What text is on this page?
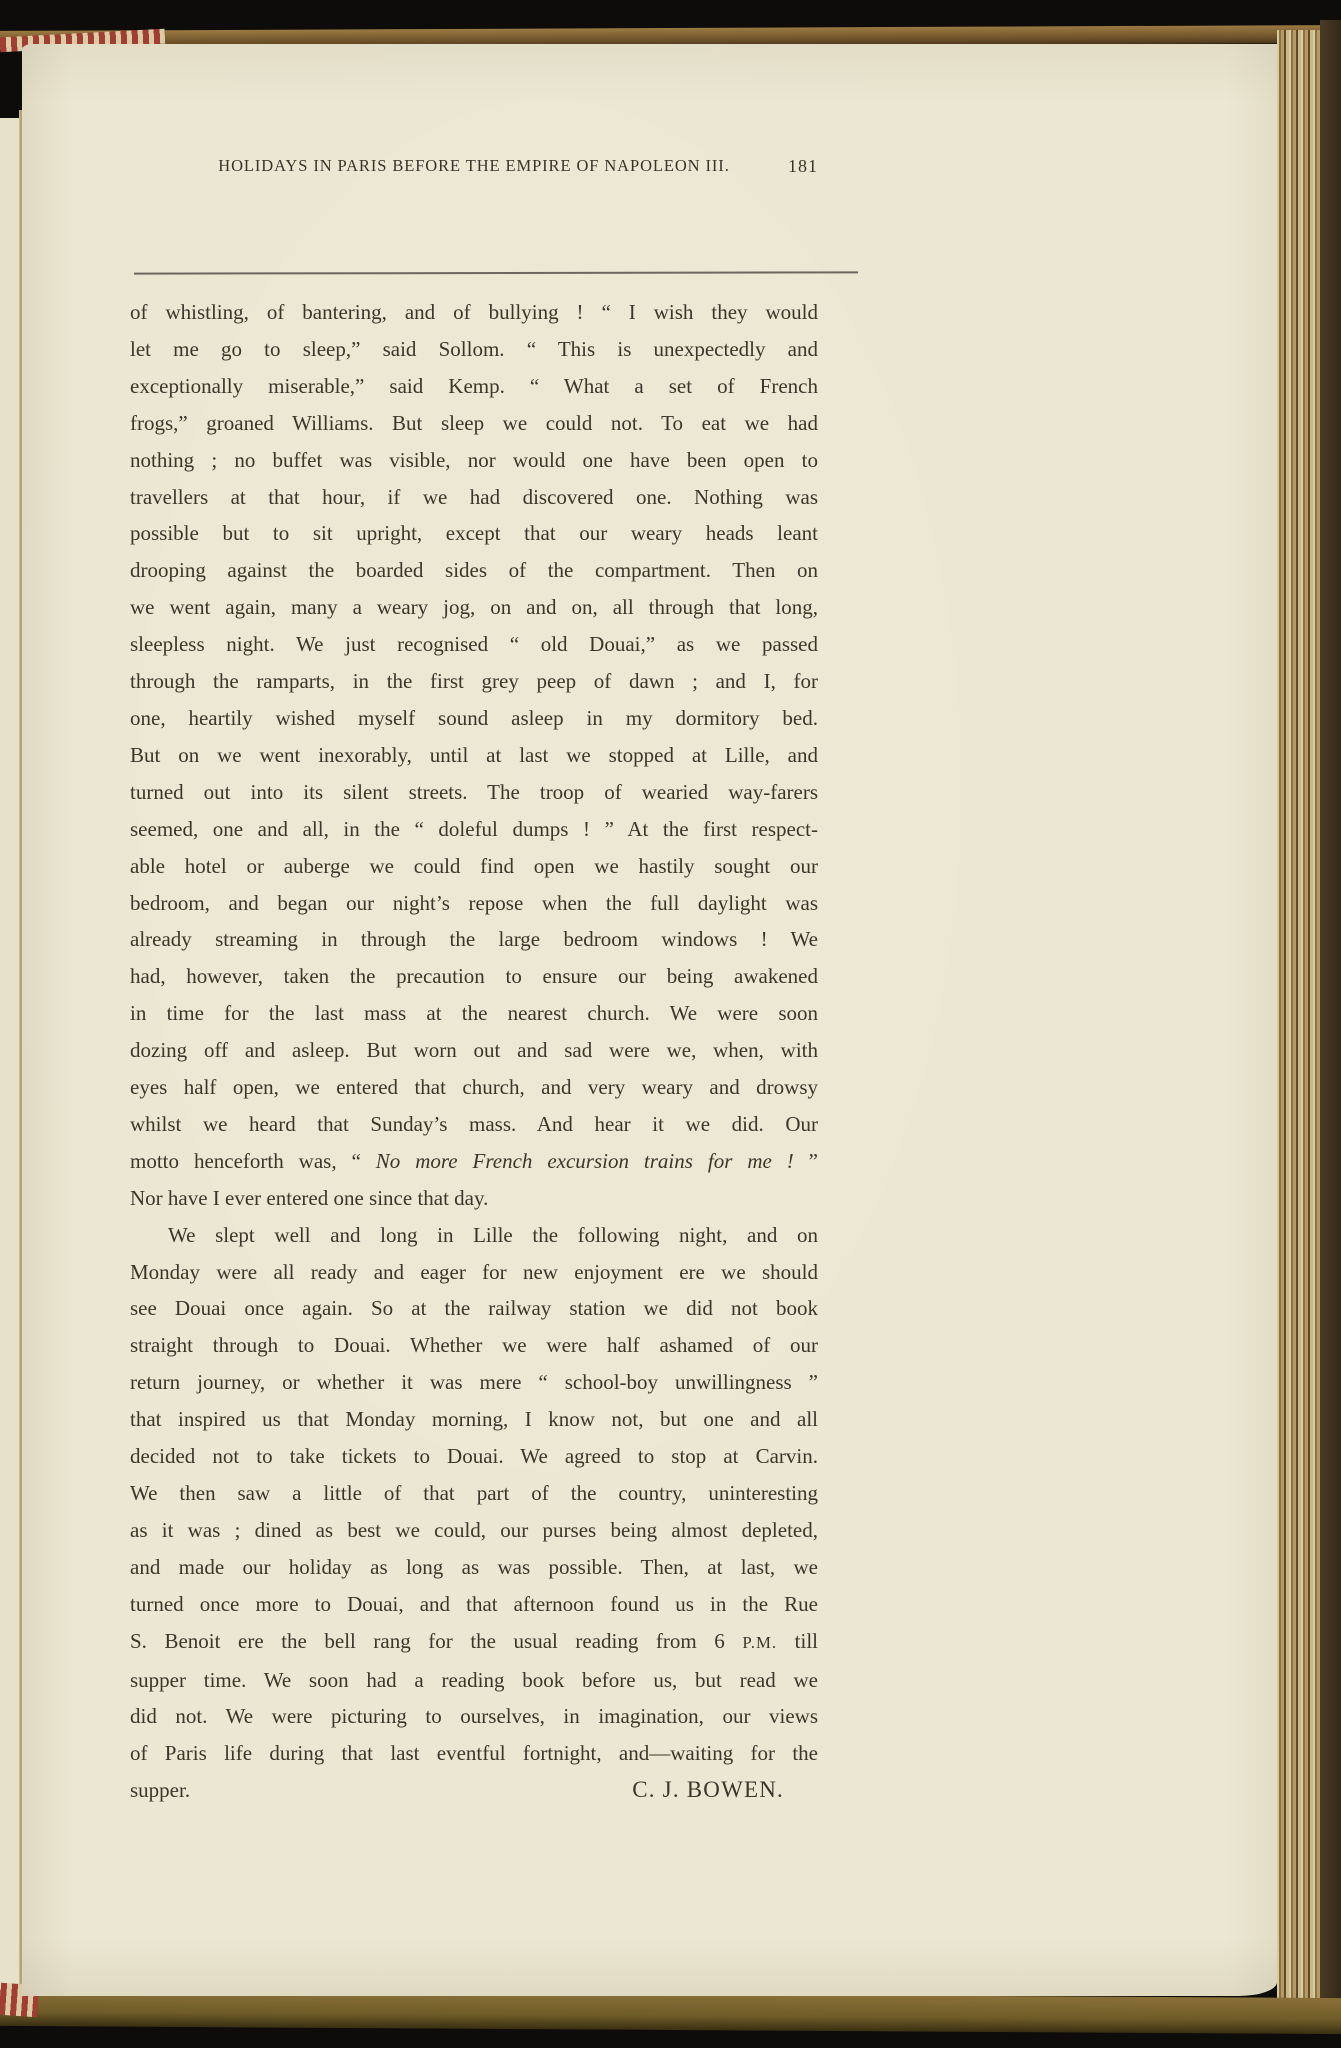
HOLIDAYS IN PARIS BEFORE THE EMPIRE OF NAPOLEON III.	181
of whistling, of bantering, and of bullying ! “ I wish they would
let me go to sleep,” said Sollom. “ This is unexpectedly and
exceptionally miserable,” said Kemp. “ What a set of French
frogs,” groaned Williams. But sleep we could not. To eat we had
nothing ; no buffet was visible, nor would one have been open to
travellers at that hour, if we had discovered one. Nothing was
possible but to sit upright, except that our weary heads leant
drooping against the boarded sides of the compartment. Then on
we went again, many a weary jog, on and on, all through that long,
sleepless night. We just recognised “ old Douai,” as we passed
through the ramparts, in the first grey peep of dawn ; and I, for
one, heartily wished myself sound asleep in my dormitory bed.
But on we went inexorably, until at last we stopped at Lille, and
turned out into its silent streets. The troop of wearied way-farers
seemed, one and all, in the “ doleful dumps ! ” At the first respect-
able hotel or auberge we could find open we hastily sought our
bedroom, and began our night’s repose when the full daylight was
already streaming in through the large bedroom windows ! We
had, however, taken the precaution to ensure our being awakened
in time for the last mass at the nearest church. We were soon
dozing off and asleep. But worn out and sad were we, when, with
eyes half open, we entered that church, and very weary and drowsy
whilst we heard that Sunday’s mass. And hear it we did. Our
motto henceforth was, “ No more French excursion trains for me ! ”
Nor have I ever entered one since that day.
We slept well and long in Lille the following night, and on
Monday were all ready and eager for new enjoyment ere we should
see Douai once again. So at the railway station we did not book
straight through to Douai. Whether we were half ashamed of our
return journey, or whether it was mere “ school-boy unwillingness ”
that inspired us that Monday morning, I know not, but one and all
decided not to take tickets to Douai. We agreed to stop at Carvin.
We then saw a little of that part of the country, uninteresting
as it was ; dined as best we could, our purses being almost depleted,
and made our holiday as long as was possible. Then, at last, we
turned once more to Douai, and that afternoon found us in the Rue
S. Benoit ere the bell rang for the usual reading from 6 P.M. till
supper time. We soon had a reading book before us, but read we
did not. We were picturing to ourselves, in imagination, our views
of Paris life during that last eventful fortnight, and—waiting for the
supper.	C. J. BOWEN.
